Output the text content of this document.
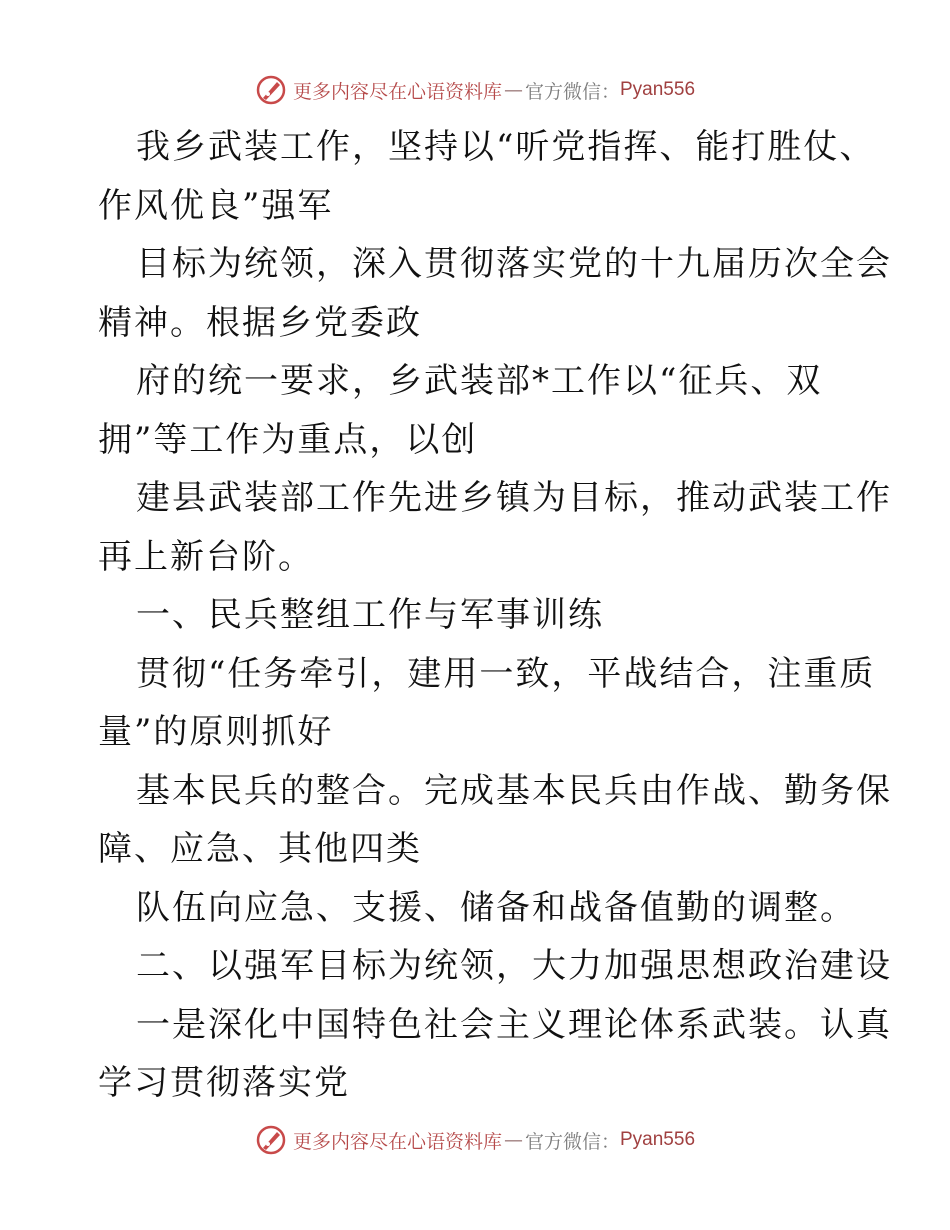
更多内容尽在心语资料库 — 官方微信： Pyan556

我乡武装工作，坚持以“听党指挥、能打胜仗、
作风优良”强军

目标为统领，深入贯彻落实党的十九届历次全会
精神。根据乡党委政

府的统一要求，乡武装部*工作以“征兵、双
拥”等工作为重点，以创

建县武装部工作先进乡镇为目标，推动武装工作
再上新台阶。

一、民兵整组工作与军事训练

贯彻“任务牵引，建用一致，平战结合，注重质
量”的原则抓好

基本民兵的整合。完成基本民兵由作战、勤务保
障、应急、其他四类

队伍向应急、支援、储备和战备值勤的调整。

二、以强军目标为统领，大力加强思想政治建设

一是深化中国特色社会主义理论体系武装。认真
学习贯彻落实党

更多内容尽在心语资料库 — 官方微信： Pyan556
